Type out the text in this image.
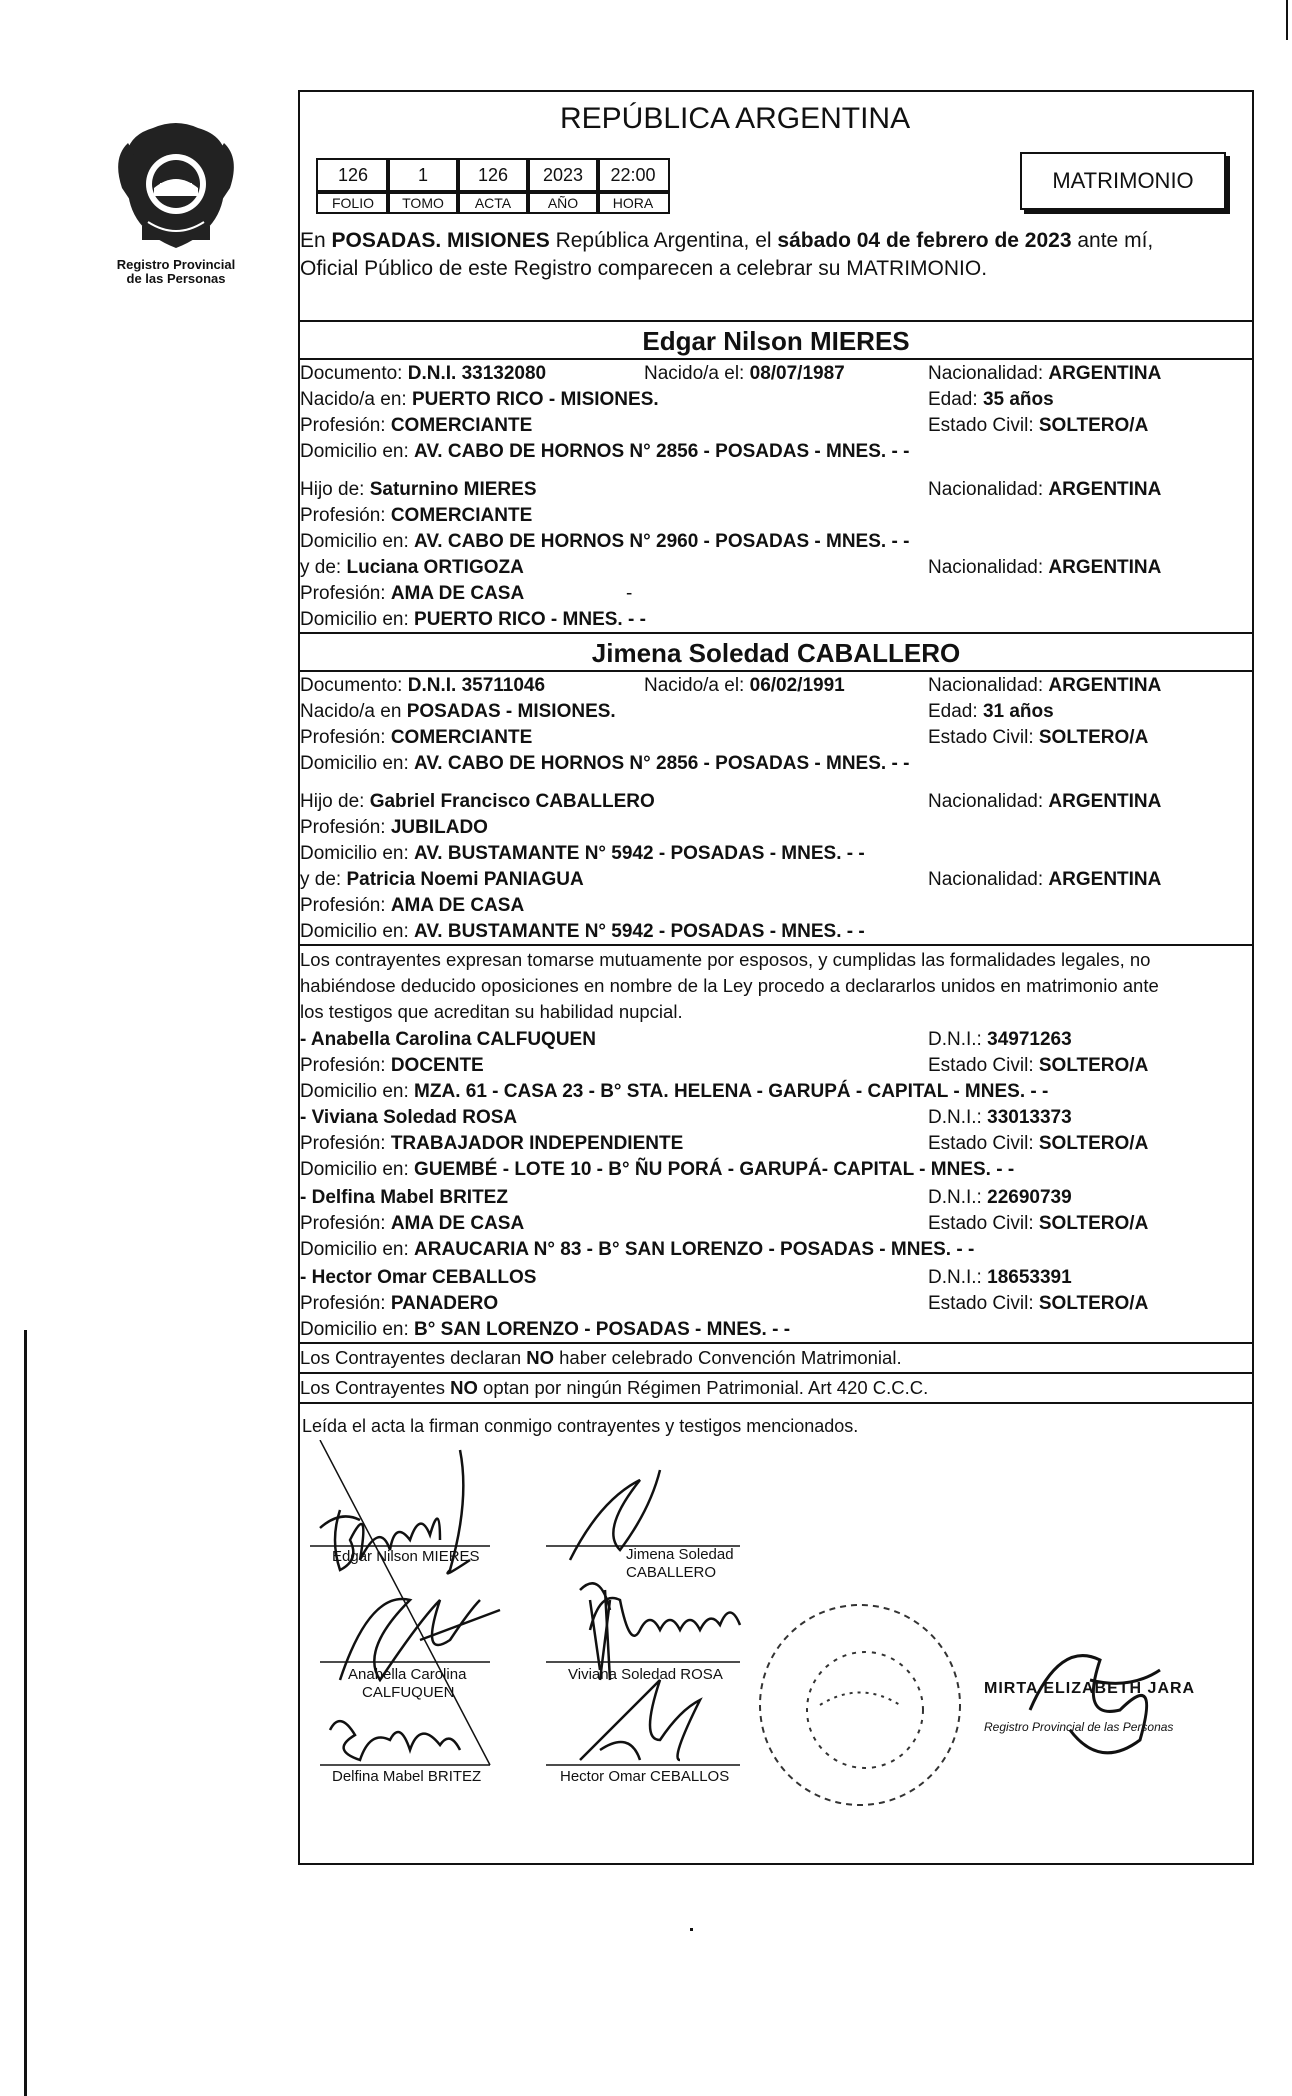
Registro Provincial
de las Personas
REPÚBLICA ARGENTINA
126	1	126	2023	22:00
FOLIO	TOMO	ACTA	AÑO	HORA
MATRIMONIO
En POSADAS. MISIONES República Argentina, el sábado 04 de febrero de 2023 ante mí,
Oficial Público de este Registro comparecen a celebrar su MATRIMONIO.
Edgar Nilson MIERES
Documento: D.N.I. 33132080	Nacido/a el: 08/07/1987	Nacionalidad: ARGENTINA
Nacido/a en: PUERTO RICO - MISIONES.	Edad: 35 años
Profesión: COMERCIANTE	Estado Civil: SOLTERO/A
Domicilio en: AV. CABO DE HORNOS N° 2856 - POSADAS - MNES. - -
Hijo de: Saturnino MIERES	Nacionalidad: ARGENTINA
Profesión: COMERCIANTE
Domicilio en: AV. CABO DE HORNOS N° 2960 - POSADAS - MNES. - -
y de: Luciana ORTIGOZA	Nacionalidad: ARGENTINA
Profesión: AMA DE CASA	-
Domicilio en: PUERTO RICO - MNES. - -
Jimena Soledad CABALLERO
Documento: D.N.I. 35711046	Nacido/a el: 06/02/1991	Nacionalidad: ARGENTINA
Nacido/a en POSADAS - MISIONES.	Edad: 31 años
Profesión: COMERCIANTE	Estado Civil: SOLTERO/A
Domicilio en: AV. CABO DE HORNOS N° 2856 - POSADAS - MNES. - -
Hijo de: Gabriel Francisco CABALLERO	Nacionalidad: ARGENTINA
Profesión: JUBILADO
Domicilio en: AV. BUSTAMANTE N° 5942 - POSADAS - MNES. - -
y de: Patricia Noemi PANIAGUA	Nacionalidad: ARGENTINA
Profesión: AMA DE CASA
Domicilio en: AV. BUSTAMANTE N° 5942 - POSADAS - MNES. - -
Los contrayentes expresan tomarse mutuamente por esposos, y cumplidas las formalidades legales, no
habiéndose deducido oposiciones en nombre de la Ley procedo a declararlos unidos en matrimonio ante
los testigos que acreditan su habilidad nupcial.
- Anabella Carolina CALFUQUEN	D.N.I.: 34971263
Profesión: DOCENTE	Estado Civil: SOLTERO/A
Domicilio en: MZA. 61 - CASA 23 - B° STA. HELENA - GARUPÁ - CAPITAL - MNES. - -
- Viviana Soledad ROSA	D.N.I.: 33013373
Profesión: TRABAJADOR INDEPENDIENTE	Estado Civil: SOLTERO/A
Domicilio en: GUEMBÉ - LOTE 10 - B° ÑU PORÁ - GARUPÁ- CAPITAL - MNES. - -
- Delfina Mabel BRITEZ	D.N.I.: 22690739
Profesión: AMA DE CASA	Estado Civil: SOLTERO/A
Domicilio en: ARAUCARIA N° 83 - B° SAN LORENZO - POSADAS - MNES. - -
- Hector Omar CEBALLOS	D.N.I.: 18653391
Profesión: PANADERO	Estado Civil: SOLTERO/A
Domicilio en: B° SAN LORENZO - POSADAS - MNES. - -
Los Contrayentes declaran NO haber celebrado Convención Matrimonial.
Los Contrayentes NO optan por ningún Régimen Patrimonial. Art 420 C.C.C.
Leída el acta la firman conmigo contrayentes y testigos mencionados.
Edgar Nilson MIERES	Jimena Soledad
CABALLERO
Anabella Carolina
CALFUQUEN
Viviana Soledad ROSA
Delfina Mabel BRITEZ	Hector Omar CEBALLOS
MIRTA ELIZABETH JARA
Registro Provincial de las Personas
